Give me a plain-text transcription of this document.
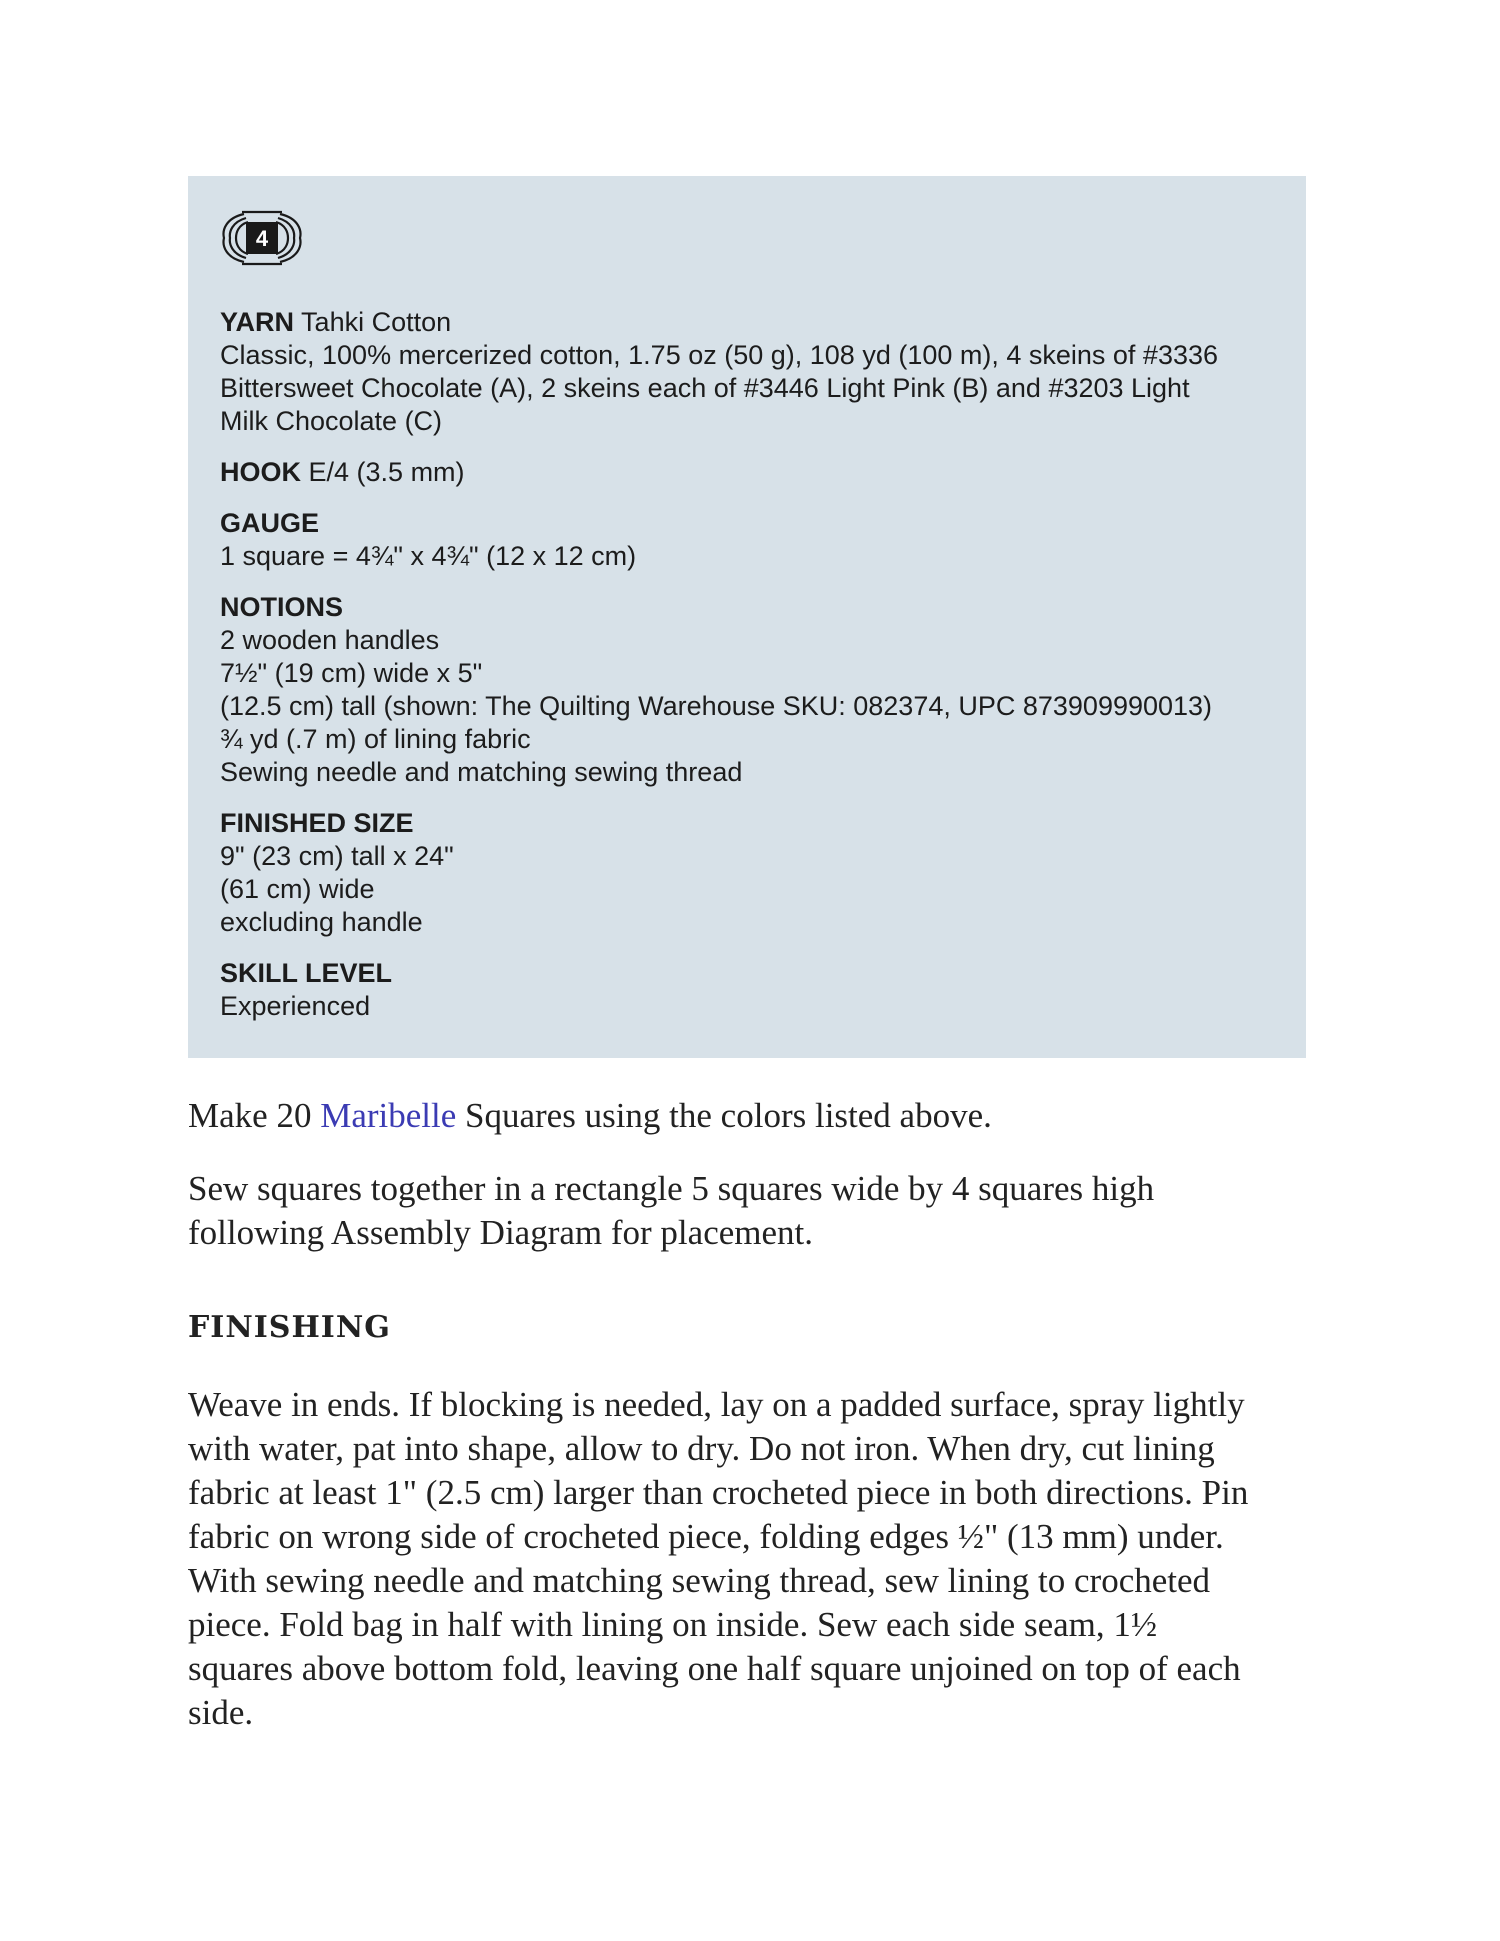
4
YARN Tahki Cotton
Classic, 100% mercerized cotton, 1.75 oz (50 g), 108 yd (100 m), 4 skeins of #3336
Bittersweet Chocolate (A), 2 skeins each of #3446 Light Pink (B) and #3203 Light
Milk Chocolate (C)
HOOK E/4 (3.5 mm)
GAUGE
1 square = 4¾" x 4¾" (12 x 12 cm)
NOTIONS
2 wooden handles
7½" (19 cm) wide x 5"
(12.5 cm) tall (shown: The Quilting Warehouse SKU: 082374, UPC 873909990013)
¾ yd (.7 m) of lining fabric
Sewing needle and matching sewing thread
FINISHED SIZE
9" (23 cm) tall x 24"
(61 cm) wide
excluding handle
SKILL LEVEL
Experienced

Make 20 Maribelle Squares using the colors listed above.

Sew squares together in a rectangle 5 squares wide by 4 squares high
following Assembly Diagram for placement.

FINISHING

Weave in ends. If blocking is needed, lay on a padded surface, spray lightly
with water, pat into shape, allow to dry. Do not iron. When dry, cut lining
fabric at least 1" (2.5 cm) larger than crocheted piece in both directions. Pin
fabric on wrong side of crocheted piece, folding edges ½" (13 mm) under.
With sewing needle and matching sewing thread, sew lining to crocheted
piece. Fold bag in half with lining on inside. Sew each side seam, 1½
squares above bottom fold, leaving one half square unjoined on top of each
side.
